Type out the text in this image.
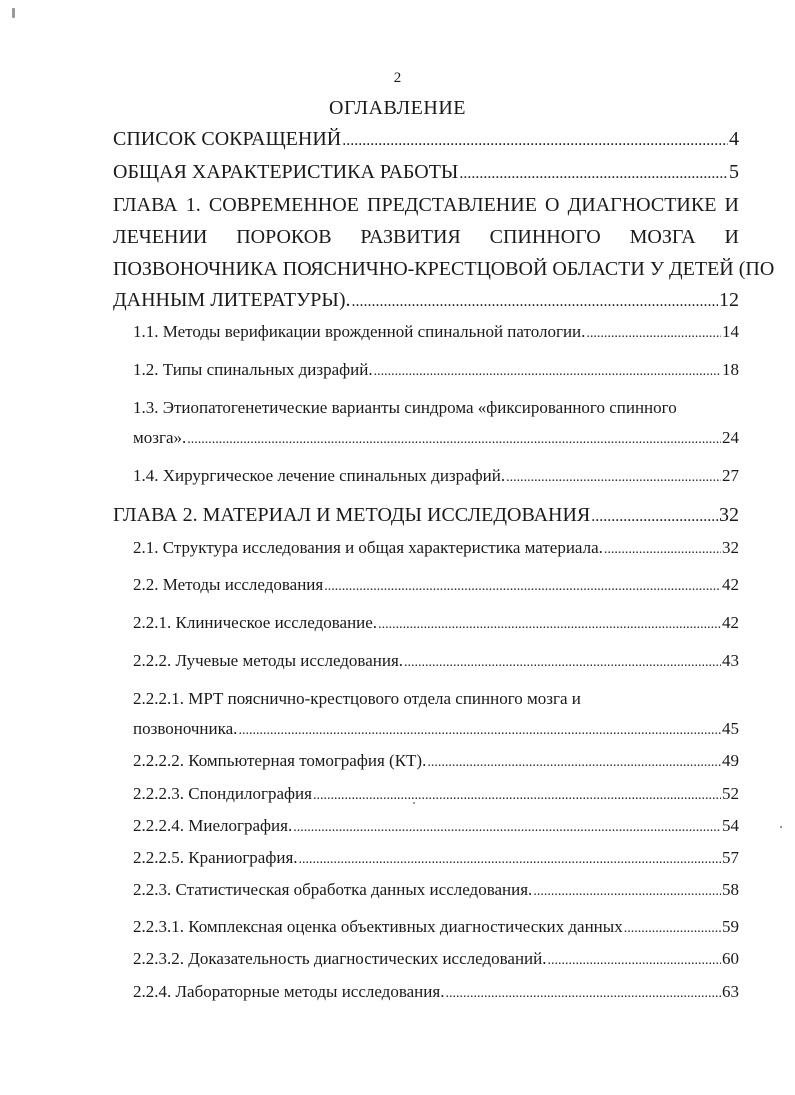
2
ОГЛАВЛЕНИЕ
СПИСОК СОКРАЩЕНИЙ .....	4
ОБЩАЯ ХАРАКТЕРИСТИКА РАБОТЫ .....	5
ГЛАВА 1. СОВРЕМЕННОЕ ПРЕДСТАВЛЕНИЕ О ДИАГНОСТИКЕ И
ЛЕЧЕНИИ ПОРОКОВ РАЗВИТИЯ СПИННОГО МОЗГА И
ПОЗВОНОЧНИКА ПОЯСНИЧНО-КРЕСТЦОВОЙ ОБЛАСТИ У ДЕТЕЙ (ПО
ДАННЫМ ЛИТЕРАТУРЫ). .....	12
1.1. Методы верификации врожденной спинальной патологии. .....	14
1.2. Типы спинальных дизрафий. .....	18
1.3. Этиопатогенетические варианты синдрома «фиксированного спинного
мозга». .....	24
1.4. Хирургическое лечение спинальных дизрафий. .....	27
ГЛАВА 2. МАТЕРИАЛ И МЕТОДЫ ИССЛЕДОВАНИЯ .....	32
2.1. Структура исследования и общая характеристика материала. .....	32
2.2. Методы исследования .....	42
2.2.1. Клиническое исследование. .....	42
2.2.2. Лучевые методы исследования. .....	43
2.2.2.1. МРТ пояснично-крестцового отдела спинного мозга и
позвоночника. .....	45
2.2.2.2. Компьютерная томография (КТ). .....	49
2.2.2.3. Спондилография .....	52
2.2.2.4. Миелография. .....	54
2.2.2.5. Краниография. .....	57
2.2.3. Статистическая обработка данных исследования. .....	58
2.2.3.1. Комплексная оценка объективных диагностических данных .....	59
2.2.3.2. Доказательность диагностических исследований. .....	60
2.2.4. Лабораторные методы исследования. .....	63
